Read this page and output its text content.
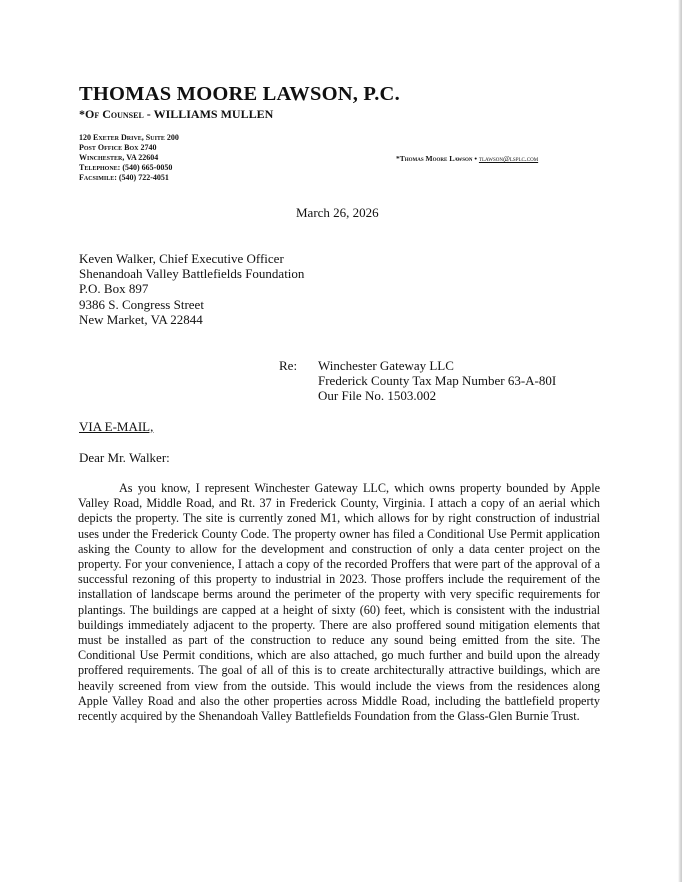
THOMAS MOORE LAWSON, P.C.
*Of Counsel - WILLIAMS MULLEN
120 Exeter Drive, Suite 200
Post Office Box 2740
Winchester, VA 22604
Telephone: (540) 665-0050
Facsimile: (540) 722-4051
*Thomas Moore Lawson • tlawson@lsplc.com
March 26, 2026
Keven Walker, Chief Executive Officer
Shenandoah Valley Battlefields Foundation
P.O. Box 897
9386 S. Congress Street
New Market, VA 22844
Re: Winchester Gateway LLC
Frederick County Tax Map Number 63-A-80I
Our File No. 1503.002
VIA E-MAIL,
Dear Mr. Walker:
As you know, I represent Winchester Gateway LLC, which owns property bounded by Apple Valley Road, Middle Road, and Rt. 37 in Frederick County, Virginia. I attach a copy of an aerial which depicts the property. The site is currently zoned M1, which allows for by right construction of industrial uses under the Frederick County Code. The property owner has filed a Conditional Use Permit application asking the County to allow for the development and construction of only a data center project on the property. For your convenience, I attach a copy of the recorded Proffers that were part of the approval of a successful rezoning of this property to industrial in 2023. Those proffers include the requirement of the installation of landscape berms around the perimeter of the property with very specific requirements for plantings. The buildings are capped at a height of sixty (60) feet, which is consistent with the industrial buildings immediately adjacent to the property. There are also proffered sound mitigation elements that must be installed as part of the construction to reduce any sound being emitted from the site. The Conditional Use Permit conditions, which are also attached, go much further and build upon the already proffered requirements. The goal of all of this is to create architecturally attractive buildings, which are heavily screened from view from the outside. This would include the views from the residences along Apple Valley Road and also the other properties across Middle Road, including the battlefield property recently acquired by the Shenandoah Valley Battlefields Foundation from the Glass-Glen Burnie Trust.
